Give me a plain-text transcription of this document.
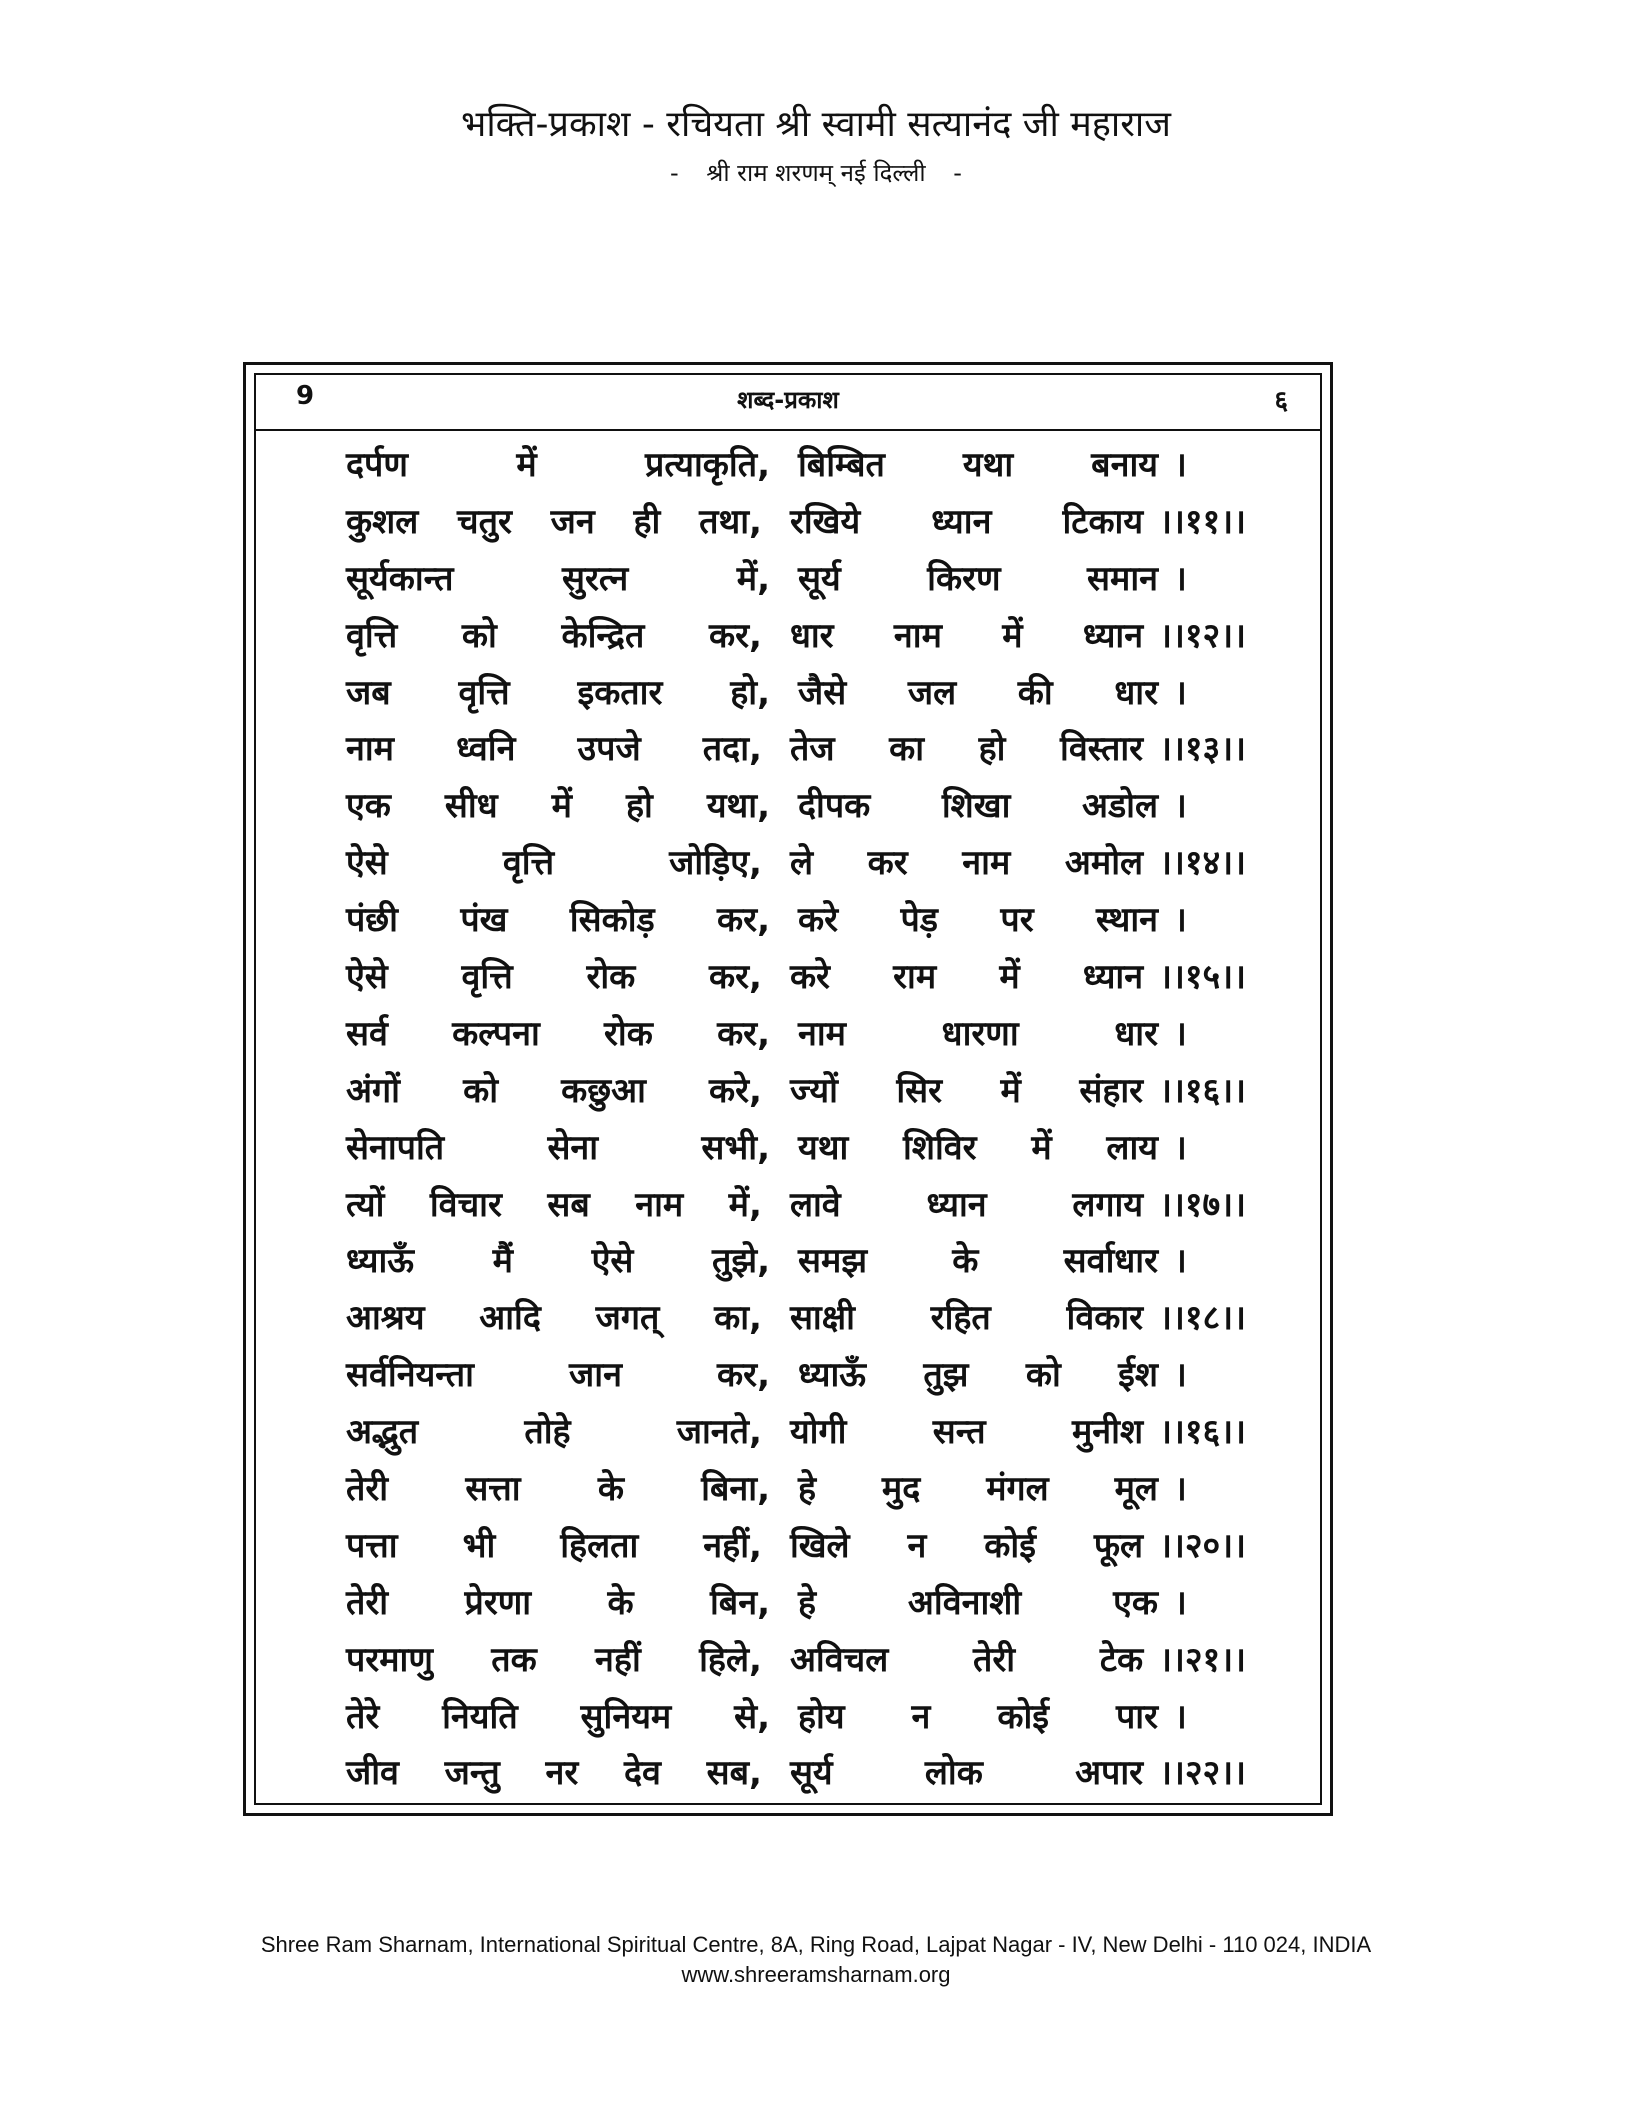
भक्ति-प्रकाश - रचियता श्री स्वामी सत्यानंद जी महाराज
- श्री राम शरणम् नई दिल्ली -
9	शब्द-प्रकाश	६
दर्पण में प्रत्याकृति, बिम्बित यथा बनाय ।
कुशल चतुर जन ही तथा, रखिये ध्यान टिकाय ।।११।।
सूर्यकान्त सुरत्न में, सूर्य किरण समान ।
वृत्ति को केन्द्रित कर, धार नाम में ध्यान ।।१२।।
जब वृत्ति इकतार हो, जैसे जल की धार ।
नाम ध्वनि उपजे तदा, तेज का हो विस्तार ।।१३।।
एक सीध में हो यथा, दीपक शिखा अडोल ।
ऐसे वृत्ति जोड़िए, ले कर नाम अमोल ।।१४।।
पंछी पंख सिकोड़ कर, करे पेड़ पर स्थान ।
ऐसे वृत्ति रोक कर, करे राम में ध्यान ।।१५।।
सर्व कल्पना रोक कर, नाम धारणा धार ।
अंगों को कछुआ करे, ज्यों सिर में संहार ।।१६।।
सेनापति सेना सभी, यथा शिविर में लाय ।
त्यों विचार सब नाम में, लावे ध्यान लगाय ।।१७।।
ध्याऊँ मैं ऐसे तुझे, समझ के सर्वाधार ।
आश्रय आदि जगत् का, साक्षी रहित विकार ।।१८।।
सर्वनियन्ता जान कर, ध्याऊँ तुझ को ईश ।
अद्भुत तोहे जानते, योगी सन्त मुनीश ।।१६।।
तेरी सत्ता के बिना, हे मुद मंगल मूल ।
पत्ता भी हिलता नहीं, खिले न कोई फूल ।।२०।।
तेरी प्रेरणा के बिन, हे अविनाशी एक ।
परमाणु तक नहीं हिले, अविचल तेरी टेक ।।२१।।
तेरे नियति सुनियम से, होय न कोई पार ।
जीव जन्तु नर देव सब, सूर्य लोक अपार ।।२२।।
Shree Ram Sharnam, International Spiritual Centre, 8A, Ring Road, Lajpat Nagar - IV, New Delhi - 110 024, INDIA
www.shreeramsharnam.org
